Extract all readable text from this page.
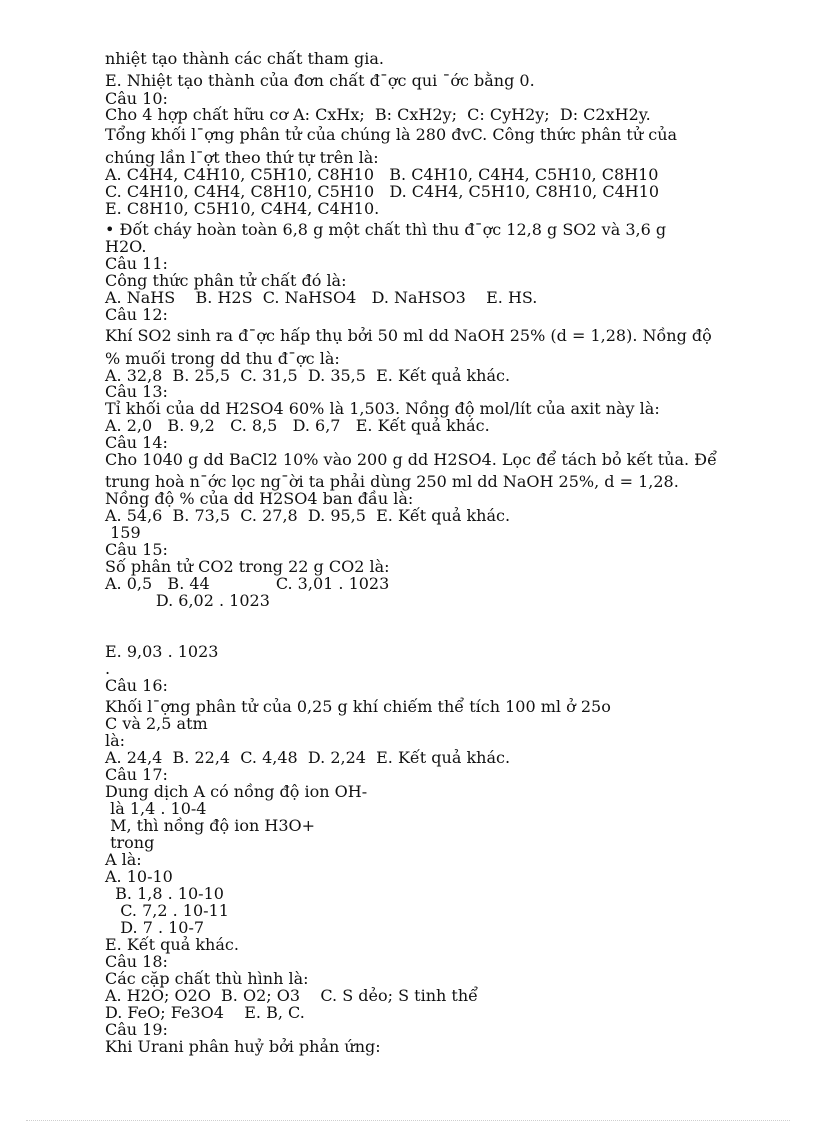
nhiệt tạo thành các chất tham gia.
E. Nhiệt tạo thành của đơn chất đ¯ợc qui ¯ớc bằng 0.
Câu 10:
Cho 4 hợp chất hữu cơ A: CxHx;  B: CxH2y;  C: CyH2y;  D: C2xH2y.
Tổng khối l¯ợng phân tử của chúng là 280 đvC. Công thức phân tử của
chúng lần l¯ợt theo thứ tự trên là:
A. C4H4, C4H10, C5H10, C8H10   B. C4H10, C4H4, C5H10, C8H10
C. C4H10, C4H4, C8H10, C5H10   D. C4H4, C5H10, C8H10, C4H10
E. C8H10, C5H10, C4H4, C4H10.
• Đốt cháy hoàn toàn 6,8 g một chất thì thu đ¯ợc 12,8 g SO2 và 3,6 g
H2O.
Câu 11:
Công thức phân tử chất đó là:
A. NaHS    B. H2S  C. NaHSO4   D. NaHSO3    E. HS.
Câu 12:
Khí SO2 sinh ra đ¯ợc hấp thụ bởi 50 ml dd NaOH 25% (d = 1,28). Nồng độ
% muối trong dd thu đ¯ợc là:
A. 32,8  B. 25,5  C. 31,5  D. 35,5  E. Kết quả khác.
Câu 13:
Tỉ khối của dd H2SO4 60% là 1,503. Nồng độ mol/lít của axit này là:
A. 2,0   B. 9,2   C. 8,5   D. 6,7   E. Kết quả khác.
Câu 14:
Cho 1040 g dd BaCl2 10% vào 200 g dd H2SO4. Lọc để tách bỏ kết tủa. Để
trung hoà n¯ớc lọc ng¯ời ta phải dùng 250 ml dd NaOH 25%, d = 1,28.
Nồng độ % của dd H2SO4 ban đầu là:
A. 54,6  B. 73,5  C. 27,8  D. 95,5  E. Kết quả khác.
159
Câu 15:
Số phân tử CO2 trong 22 g CO2 là:
A. 0,5   B. 44             C. 3,01 . 1023
D. 6,02 . 1023
E. 9,03 . 1023
.
Câu 16:
Khối l¯ợng phân tử của 0,25 g khí chiếm thể tích 100 ml ở 25o
C và 2,5 atm
là:
A. 24,4  B. 22,4  C. 4,48  D. 2,24  E. Kết quả khác.
Câu 17:
Dung dịch A có nồng độ ion OH-
là 1,4 . 10-4
M, thì nồng độ ion H3O+
trong
A là:
A. 10-10
B. 1,8 . 10-10
C. 7,2 . 10-11
D. 7 . 10-7
E. Kết quả khác.
Câu 18:
Các cặp chất thù hình là:
A. H2O; O2O  B. O2; O3    C. S dẻo; S tinh thể
D. FeO; Fe3O4    E. B, C.
Câu 19:
Khi Urani phân huỷ bởi phản ứng:
